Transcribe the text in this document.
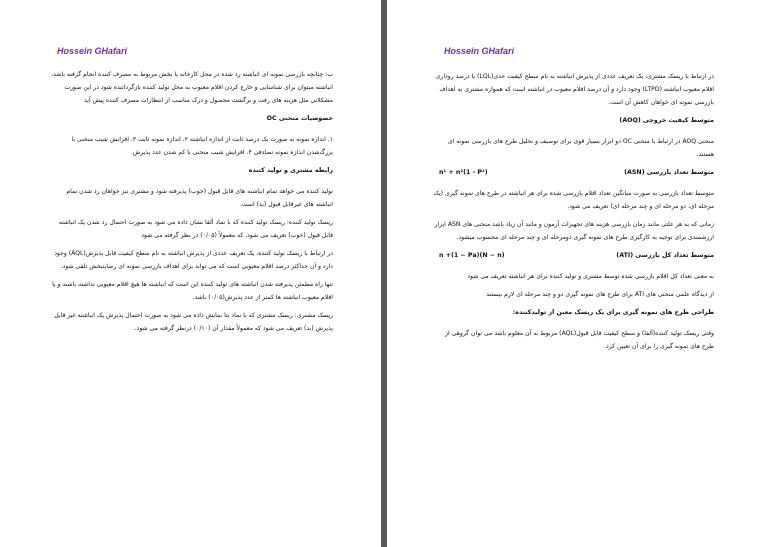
Hossein GHafari
ب: چنانچه بازرسی نمونه ای انباشته رد شده در محل کارخانه یا بخش مربوط به مصرف کننده انجام گرفته باشد، انباشته میتوان برای شناسایی و خارج کردن اقلام معیوب به محل تولید کننده بازگرداننده شود در این صورت مشکلاتی مثل هزینه های رفت و برگشت محصول و درک مناسب از انتظارات مصرف کننده پیش آید
خصوصیات منحنی OC
۱. اندازه نمونه به صورت یک درصد ثابت از اندازه انباشته ۲. اندازه نمونه ثابت ۳. افزایش شیب منحنی با بزرگ‌شدن اندازه نمونه تصادفی ۴. افزایش شیب منحنی با کم شدن عدد پذیرش
رابطه مشتری و تولید کننده
تولید کننده می خواهد تمام انباشته های قابل قبول (خوب) پذیرفته شود و مشتری نیز خواهان رد شدن تمام انباشته های غیرقابل قبول (بد) است.
ریسک تولید کننده: ریسک تولید کننده که با نماد آلفا نشان داده می شود به صورت احتمال رد شدن یک انباشته قابل قبول (خوب) تعریف می شود. که معمولاً (۰/۰۵) در نظر گرفته می شود
در ارتباط با ریسک تولید کننده، یک تعریف عددی از پذیرش انباشته به نام سطح کیفیت قابل پذیرش(AQL) وجود دارد و آن حداکثر درصد اقلام معیوبی است که می تواند برای اهداف بازرسی نمونه ای رضایتبخش تلقی شود.
تنها راه مطمئن پذیرفته شدن انباشته های تولید کننده این است که انباشته ها هیچ اقلام معیوبی نداشته باشند و یا اقلام معیوب انباشته ها کمتر از عدد پذیرش(۰/۰۵) باشد.
ریسک مشتری: ریسک مشتری که با نماد بتا نمایش داده می شود به صورت احتمال پذیرش یک انباشته غیر قابل پذیرش (بد) تعریف می شود که معمولاً مقدار آن (۰/۱۰) درنظر گرفته می شود.
Hossein GHafari
در ارتباط با ریسک مشتری، یک تعریف عددی از پذیرش انباشته به نام سطح کیفیت حدی(LQL) یا درصد روداری اقلام معیوب انباشته (LTPD) وجود دارد و آن درصد اقلام معیوب در انباشته است که همواره مشتری به اهداف بازرسی نمونه ای خواهان کاهش آن است.
متوسط کیفیت خروجی (AOQ)
منحنی AOQ در ارتباط با منحنی OC دو ابزار بسیار قوی برای توصیف و تحلیل طرح های بازرسی نمونه ای هستند.
متوسط تعداد بازرسی (ASN)
n¹ + n²(1 - P¹)
متوسط تعداد بازرسی به صورت میانگین تعداد اقلام بازرسی شده برای هر انباشته در طرح های نمونه گیری (یک مرحله ای، دو مرحله ای و چند مرحله ای) تعریف می شود.
زمانی که به هر علتی مانند زمان بازرسی هزینه های تجهیزات آزمون و مانند آن زیاد باشد منحنی های ASN ابزار ارزشمندی برای توجیه به کارگیری طرح های نمونه گیری دومرحله ای و چند مرحله ای محسوب میشود.
متوسط تعداد کل بازرسی (ATI)
n +(1 − Pa)(N − n)
به معنی تعداد کل اقلام بازرسی شده توسط مشتری و تولید کننده برای هر انباشته تعریف می شود
از دیدگاه علمی منحنی های ATI برای طرح های نمونه گیری دو و چند مرحله ای لازم نیستند
طراحی طرح های نمونه گیری برای یک ریسک معین از تولیدکننده:
وقتی ریسک تولید کننده(آلفا) و سطح کیفیت قابل قبول(AQL) مربوط به آن معلوم باشد می توان گروهی از طرح های نمونه گیری را برای آن تعیین کرد.
